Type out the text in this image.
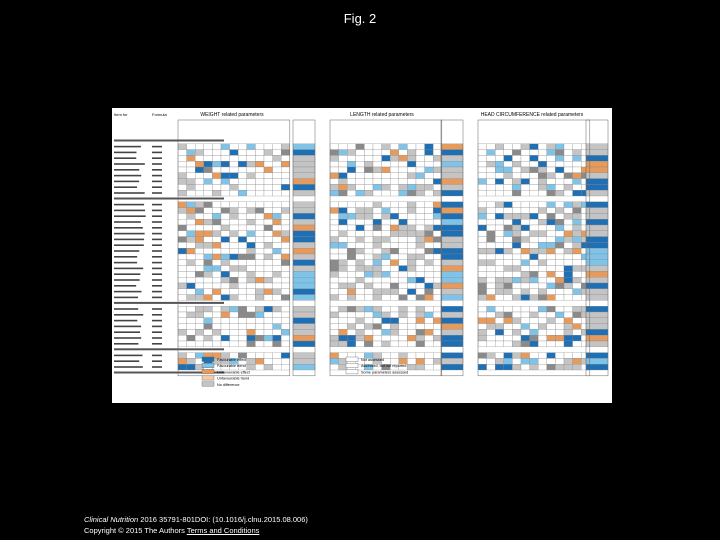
Fig. 2
WEIGHT related parameters	LENGTH related parameters	HEAD CIRCUMFERENCE related parameters
Item for	Formula
Favourable effect
Favourable trend
Unfavourable effect
Unfavourable trend
No difference
Not assessed
Assessed, but not reported
Some parameters assessed
Clinical Nutrition 2016 35791-801DOI: (10.1016/j.clnu.2015.08.006)
Copyright © 2015 The Authors Terms and Conditions
